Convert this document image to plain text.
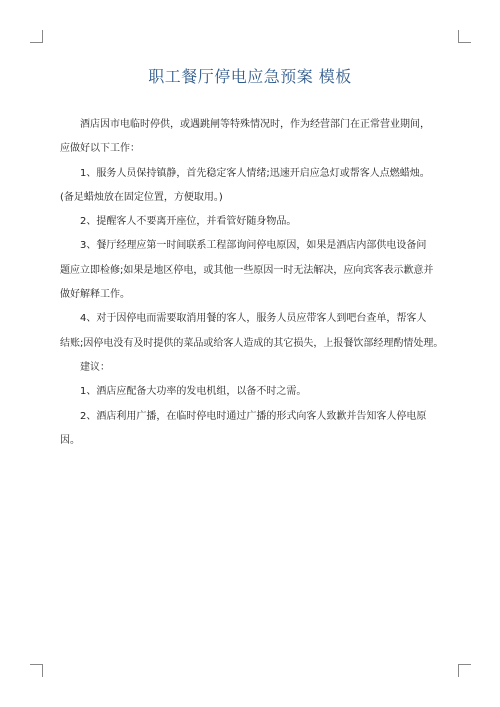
职工餐厅停电应急预案 模板

酒店因市电临时停供，或遇跳闸等特殊情况时，作为经营部门在正常营业期间，

应做好以下工作：

1、服务人员保持镇静，首先稳定客人情绪;迅速开启应急灯或帮客人点燃蜡烛。

(备足蜡烛放在固定位置，方便取用。)

2、提醒客人不要离开座位，并看管好随身物品。

3、餐厅经理应第一时间联系工程部询问停电原因，如果是酒店内部供电设备问

题应立即检修;如果是地区停电，或其他一些原因一时无法解决，应向宾客表示歉意并

做好解释工作。

4、对于因停电而需要取消用餐的客人，服务人员应带客人到吧台查单，帮客人

结账;因停电没有及时提供的菜品或给客人造成的其它损失，上报餐饮部经理酌情处理。

建议：

1、酒店应配备大功率的发电机组，以备不时之需。

2、酒店利用广播，在临时停电时通过广播的形式向客人致歉并告知客人停电原

因。
